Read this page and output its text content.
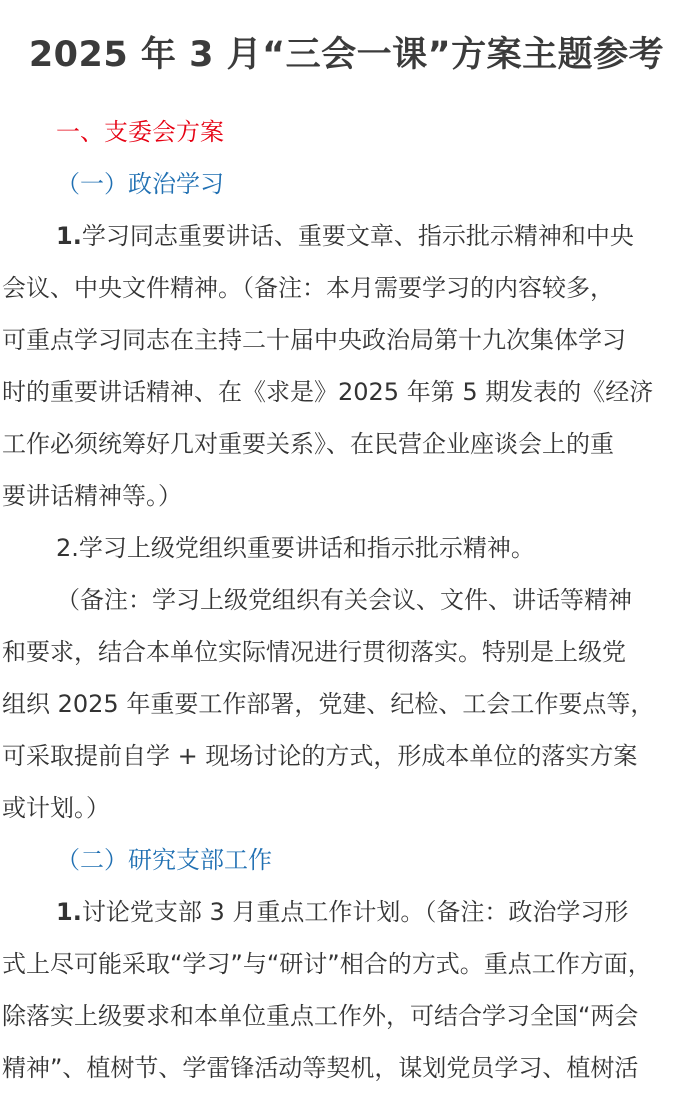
2025 年 3 月“三会一课”方案主题参考

一、支委会方案

（一）政治学习

1.学习同志重要讲话、重要文章、指示批示精神和中央
会议、中央文件精神。（备注：本月需要学习的内容较多，
可重点学习同志在主持二十届中央政治局第十九次集体学习
时的重要讲话精神、在《求是》2025 年第 5 期发表的《经济
工作必须统筹好几对重要关系》、在民营企业座谈会上的重
要讲话精神等。）

2.学习上级党组织重要讲话和指示批示精神。

（备注：学习上级党组织有关会议、文件、讲话等精神
和要求，结合本单位实际情况进行贯彻落实。特别是上级党
组织 2025 年重要工作部署，党建、纪检、工会工作要点等，
可采取提前自学 + 现场讨论的方式，形成本单位的落实方案
或计划。）

（二）研究支部工作

1.讨论党支部 3 月重点工作计划。（备注：政治学习形
式上尽可能采取“学习”与“研讨”相合的方式。重点工作方面，
除落实上级要求和本单位重点工作外，可结合学习全国“两会
精神”、植树节、学雷锋活动等契机，谋划党员学习、植树活
